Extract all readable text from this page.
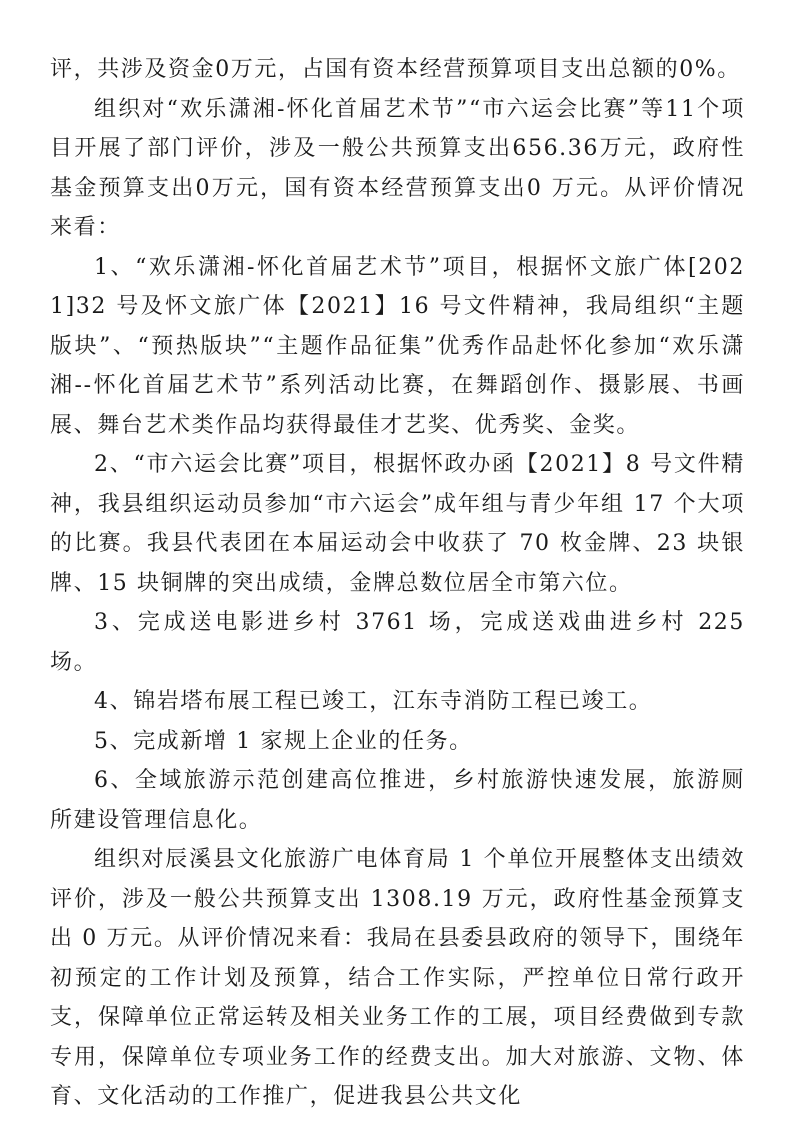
评，共涉及资金0万元，占国有资本经营预算项目支出总额的0%。

组织对“欢乐潇湘-怀化首届艺术节”“市六运会比赛”等11个项目开展了部门评价，涉及一般公共预算支出656.36万元，政府性基金预算支出0万元，国有资本经营预算支出0 万元。从评价情况来看：

1、“欢乐潇湘-怀化首届艺术节”项目，根据怀文旅广体[2021]32 号及怀文旅广体【2021】16 号文件精神，我局组织“主题版块”、“预热版块”“主题作品征集”优秀作品赴怀化参加“欢乐潇湘--怀化首届艺术节”系列活动比赛，在舞蹈创作、摄影展、书画展、舞台艺术类作品均获得最佳才艺奖、优秀奖、金奖。

2、“市六运会比赛”项目，根据怀政办函【2021】8 号文件精神，我县组织运动员参加“市六运会”成年组与青少年组 17 个大项的比赛。我县代表团在本届运动会中收获了 70 枚金牌、23 块银牌、15 块铜牌的突出成绩，金牌总数位居全市第六位。

3、完成送电影进乡村 3761 场，完成送戏曲进乡村 225 场。

4、锦岩塔布展工程已竣工，江东寺消防工程已竣工。

5、完成新增 1 家规上企业的任务。

6、全域旅游示范创建高位推进，乡村旅游快速发展，旅游厕所建设管理信息化。

组织对辰溪县文化旅游广电体育局 1 个单位开展整体支出绩效评价，涉及一般公共预算支出 1308.19 万元，政府性基金预算支出 0 万元。从评价情况来看：我局在县委县政府的领导下，围绕年初预定的工作计划及预算，结合工作实际，严控单位日常行政开支，保障单位正常运转及相关业务工作的工展，项目经费做到专款专用，保障单位专项业务工作的经费支出。加大对旅游、文物、体育、文化活动的工作推广，促进我县公共文化
